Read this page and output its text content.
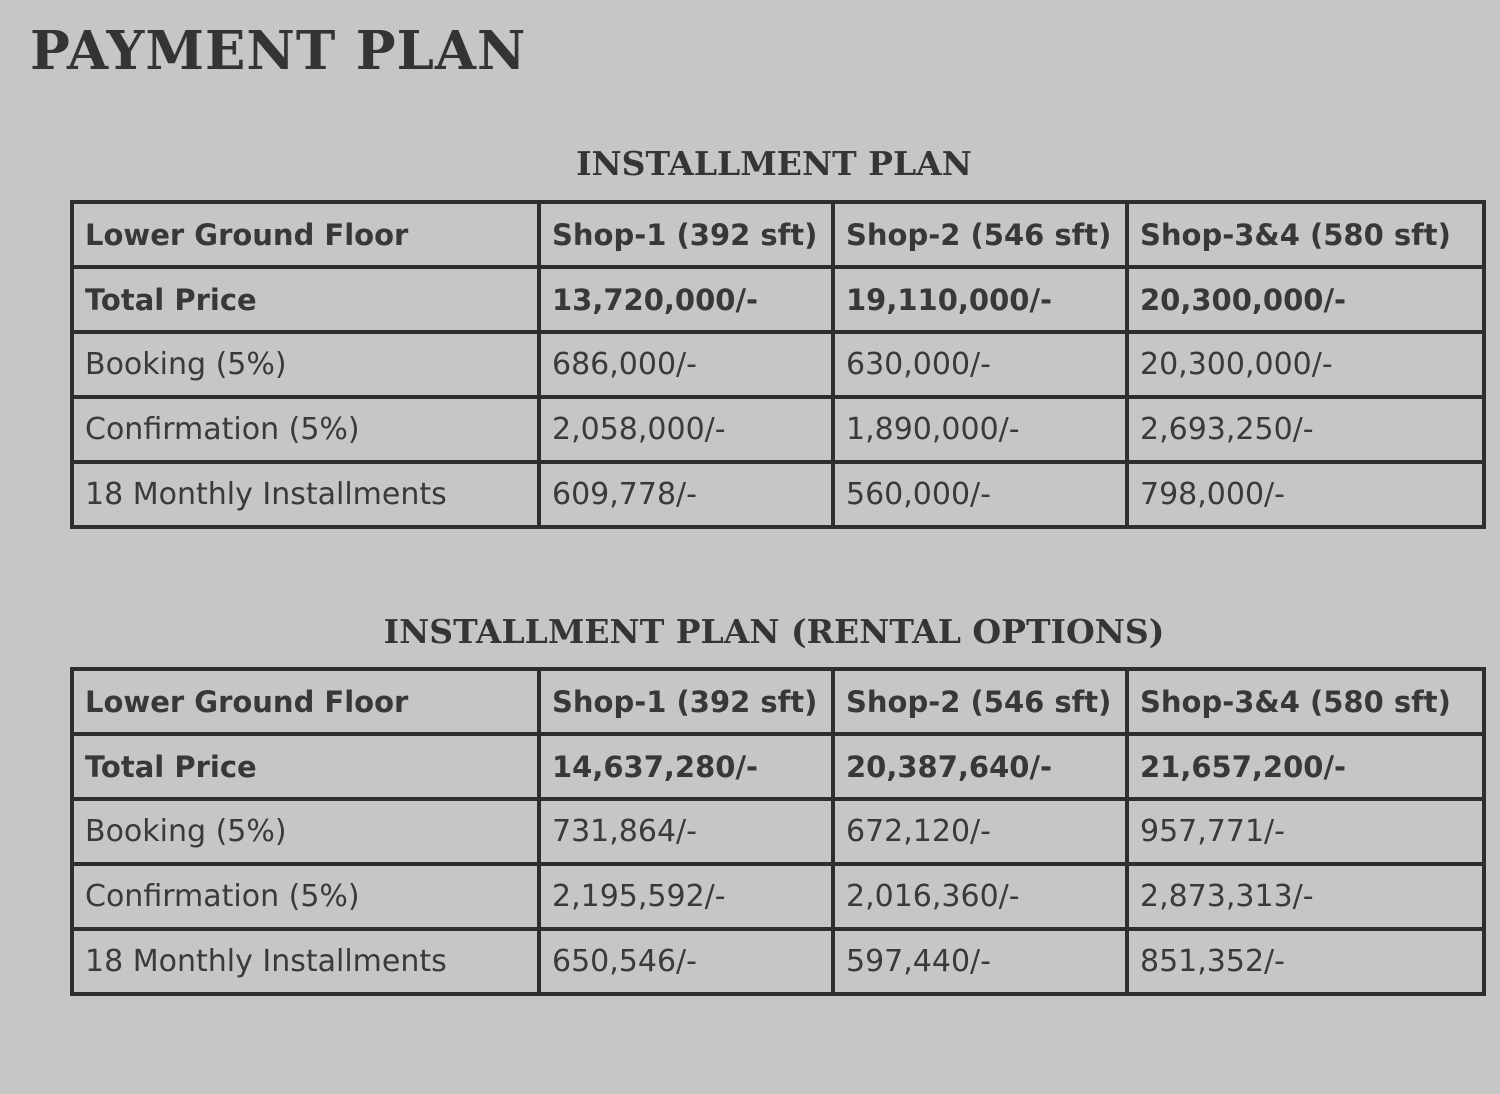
PAYMENT PLAN
INSTALLMENT PLAN
Lower Ground Floor	Shop-1 (392 sft)	Shop-2 (546 sft)	Shop-3&4 (580 sft)
Total Price	13,720,000/-	19,110,000/-	20,300,000/-
Booking (5%)	686,000/-	630,000/-	20,300,000/-
Confirmation (5%)	2,058,000/-	1,890,000/-	2,693,250/-
18 Monthly Installments	609,778/-	560,000/-	798,000/-
INSTALLMENT PLAN (RENTAL OPTIONS)
Lower Ground Floor	Shop-1 (392 sft)	Shop-2 (546 sft)	Shop-3&4 (580 sft)
Total Price	14,637,280/-	20,387,640/-	21,657,200/-
Booking (5%)	731,864/-	672,120/-	957,771/-
Confirmation (5%)	2,195,592/-	2,016,360/-	2,873,313/-
18 Monthly Installments	650,546/-	597,440/-	851,352/-
